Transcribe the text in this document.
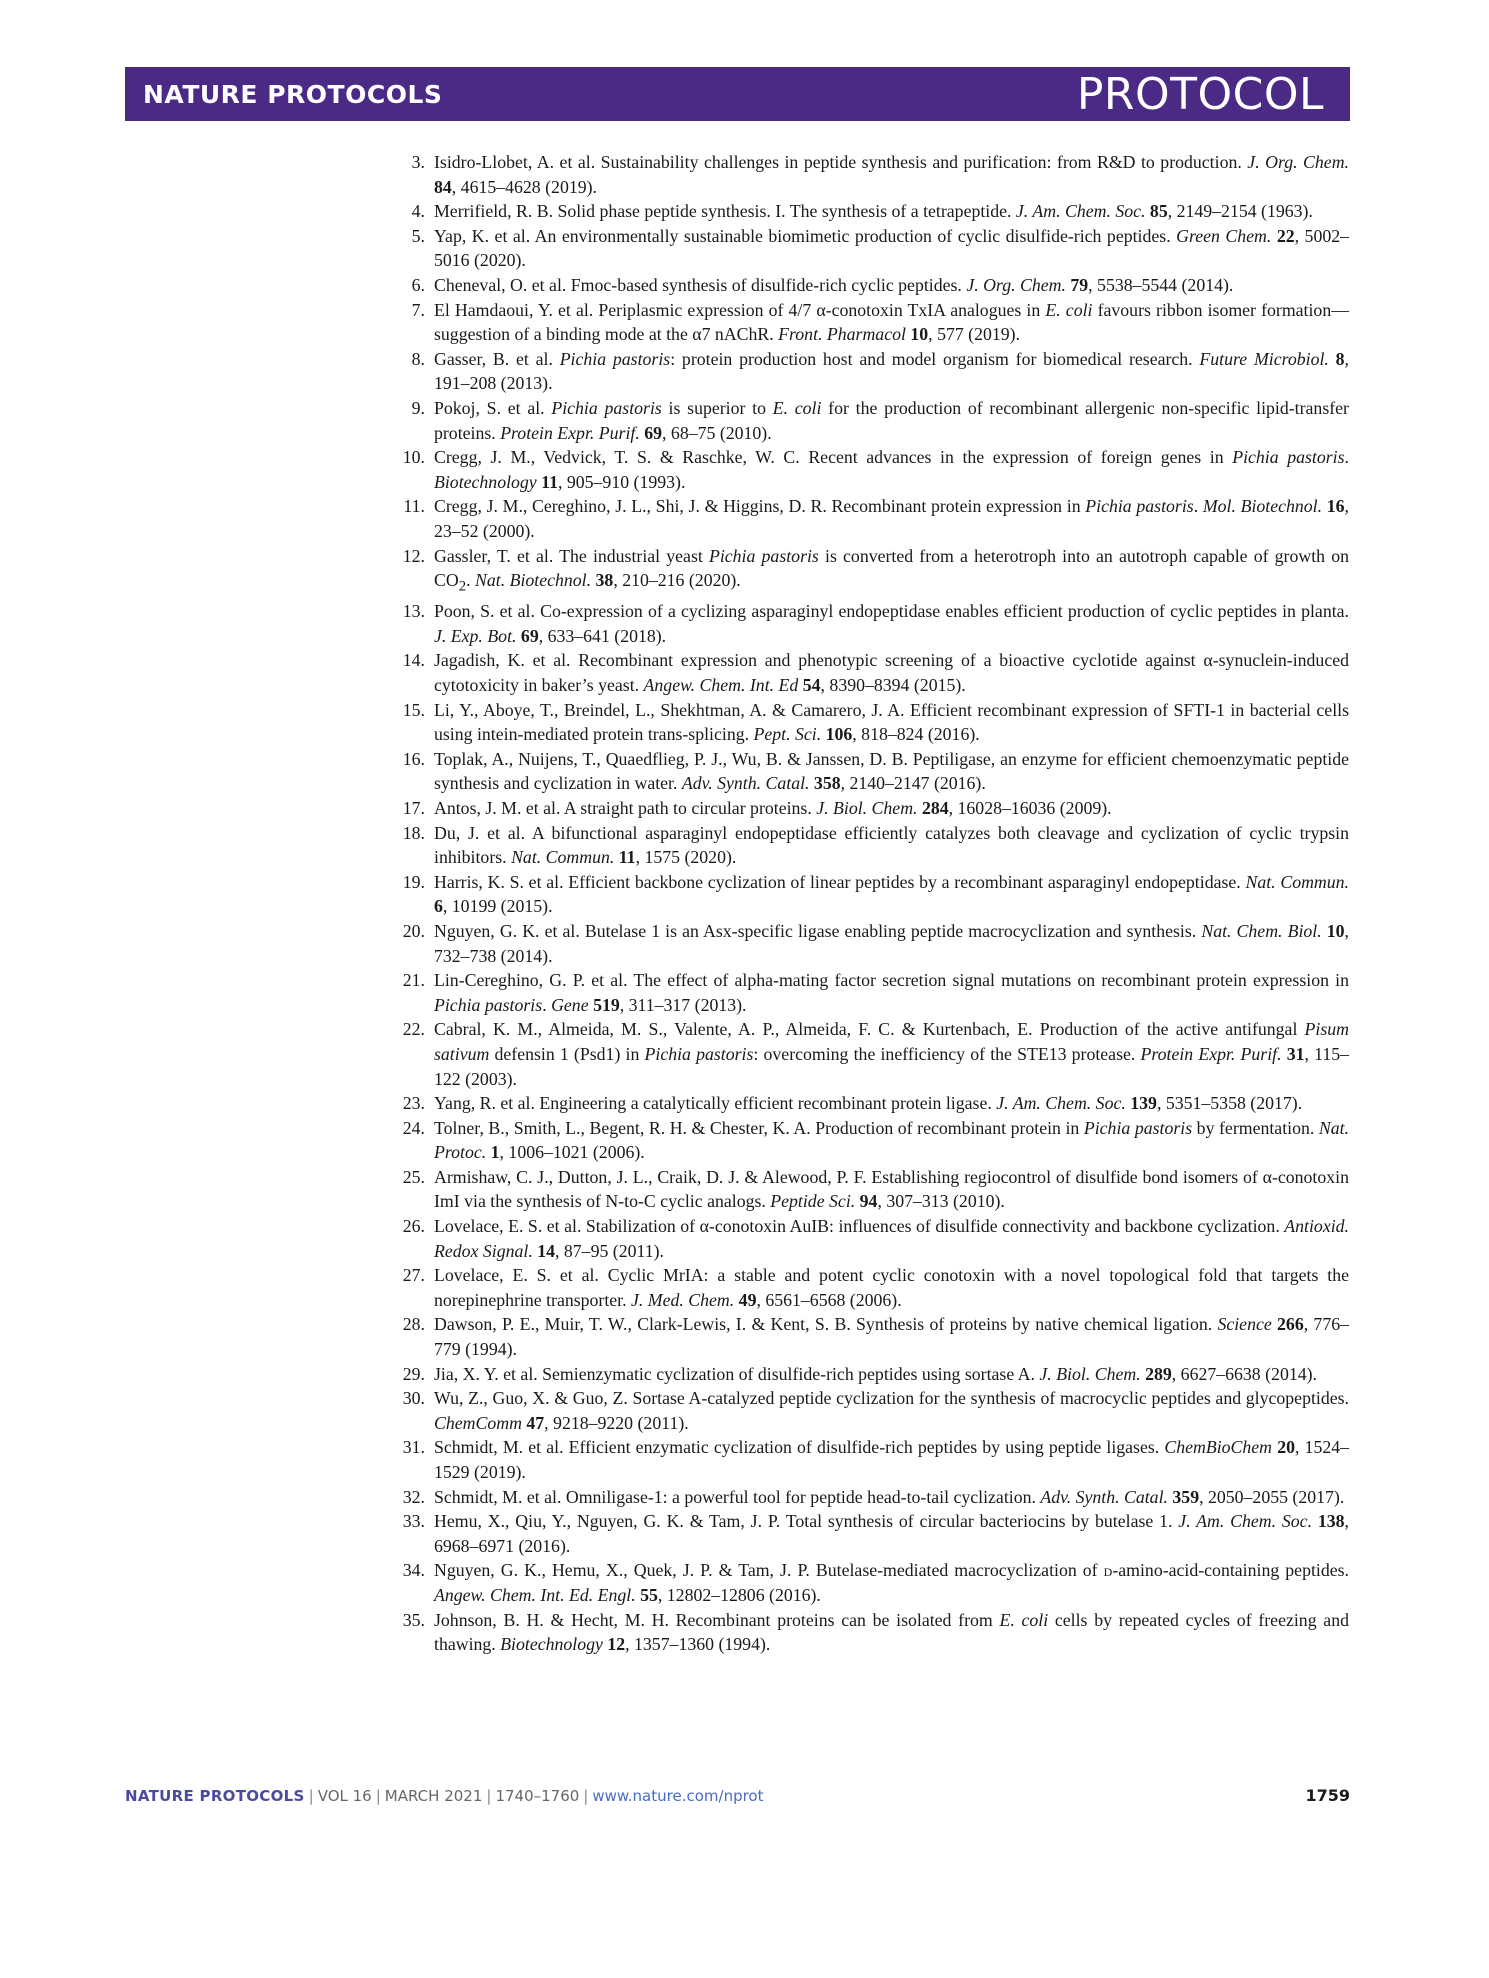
NATURE PROTOCOLS	PROTOCOL
3. Isidro-Llobet, A. et al. Sustainability challenges in peptide synthesis and purification: from R&D to production. J. Org. Chem. 84, 4615–4628 (2019).
4. Merrifield, R. B. Solid phase peptide synthesis. I. The synthesis of a tetrapeptide. J. Am. Chem. Soc. 85, 2149–2154 (1963).
5. Yap, K. et al. An environmentally sustainable biomimetic production of cyclic disulfide-rich peptides. Green Chem. 22, 5002–5016 (2020).
6. Cheneval, O. et al. Fmoc-based synthesis of disulfide-rich cyclic peptides. J. Org. Chem. 79, 5538–5544 (2014).
7. El Hamdaoui, Y. et al. Periplasmic expression of 4/7 α-conotoxin TxIA analogues in E. coli favours ribbon isomer formation—suggestion of a binding mode at the α7 nAChR. Front. Pharmacol 10, 577 (2019).
8. Gasser, B. et al. Pichia pastoris: protein production host and model organism for biomedical research. Future Microbiol. 8, 191–208 (2013).
9. Pokoj, S. et al. Pichia pastoris is superior to E. coli for the production of recombinant allergenic non-specific lipid-transfer proteins. Protein Expr. Purif. 69, 68–75 (2010).
10. Cregg, J. M., Vedvick, T. S. & Raschke, W. C. Recent advances in the expression of foreign genes in Pichia pastoris. Biotechnology 11, 905–910 (1993).
11. Cregg, J. M., Cereghino, J. L., Shi, J. & Higgins, D. R. Recombinant protein expression in Pichia pastoris. Mol. Biotechnol. 16, 23–52 (2000).
12. Gassler, T. et al. The industrial yeast Pichia pastoris is converted from a heterotroph into an autotroph capable of growth on $CO_2$. Nat. Biotechnol. 38, 210–216 (2020).
13. Poon, S. et al. Co-expression of a cyclizing asparaginyl endopeptidase enables efficient production of cyclic peptides in planta. J. Exp. Bot. 69, 633–641 (2018).
14. Jagadish, K. et al. Recombinant expression and phenotypic screening of a bioactive cyclotide against α-synuclein-induced cytotoxicity in baker’s yeast. Angew. Chem. Int. Ed 54, 8390–8394 (2015).
15. Li, Y., Aboye, T., Breindel, L., Shekhtman, A. & Camarero, J. A. Efficient recombinant expression of SFTI-1 in bacterial cells using intein-mediated protein trans-splicing. Pept. Sci. 106, 818–824 (2016).
16. Toplak, A., Nuijens, T., Quaedflieg, P. J., Wu, B. & Janssen, D. B. Peptiligase, an enzyme for efficient chemoenzymatic peptide synthesis and cyclization in water. Adv. Synth. Catal. 358, 2140–2147 (2016).
17. Antos, J. M. et al. A straight path to circular proteins. J. Biol. Chem. 284, 16028–16036 (2009).
18. Du, J. et al. A bifunctional asparaginyl endopeptidase efficiently catalyzes both cleavage and cyclization of cyclic trypsin inhibitors. Nat. Commun. 11, 1575 (2020).
19. Harris, K. S. et al. Efficient backbone cyclization of linear peptides by a recombinant asparaginyl endopeptidase. Nat. Commun. 6, 10199 (2015).
20. Nguyen, G. K. et al. Butelase 1 is an Asx-specific ligase enabling peptide macrocyclization and synthesis. Nat. Chem. Biol. 10, 732–738 (2014).
21. Lin-Cereghino, G. P. et al. The effect of alpha-mating factor secretion signal mutations on recombinant protein expression in Pichia pastoris. Gene 519, 311–317 (2013).
22. Cabral, K. M., Almeida, M. S., Valente, A. P., Almeida, F. C. & Kurtenbach, E. Production of the active antifungal Pisum sativum defensin 1 (Psd1) in Pichia pastoris: overcoming the inefficiency of the STE13 protease. Protein Expr. Purif. 31, 115–122 (2003).
23. Yang, R. et al. Engineering a catalytically efficient recombinant protein ligase. J. Am. Chem. Soc. 139, 5351–5358 (2017).
24. Tolner, B., Smith, L., Begent, R. H. & Chester, K. A. Production of recombinant protein in Pichia pastoris by fermentation. Nat. Protoc. 1, 1006–1021 (2006).
25. Armishaw, C. J., Dutton, J. L., Craik, D. J. & Alewood, P. F. Establishing regiocontrol of disulfide bond isomers of α-conotoxin ImI via the synthesis of N-to-C cyclic analogs. Peptide Sci. 94, 307–313 (2010).
26. Lovelace, E. S. et al. Stabilization of α-conotoxin AuIB: influences of disulfide connectivity and backbone cyclization. Antioxid. Redox Signal. 14, 87–95 (2011).
27. Lovelace, E. S. et al. Cyclic MrIA: a stable and potent cyclic conotoxin with a novel topological fold that targets the norepinephrine transporter. J. Med. Chem. 49, 6561–6568 (2006).
28. Dawson, P. E., Muir, T. W., Clark-Lewis, I. & Kent, S. B. Synthesis of proteins by native chemical ligation. Science 266, 776–779 (1994).
29. Jia, X. Y. et al. Semienzymatic cyclization of disulfide-rich peptides using sortase A. J. Biol. Chem. 289, 6627–6638 (2014).
30. Wu, Z., Guo, X. & Guo, Z. Sortase A-catalyzed peptide cyclization for the synthesis of macrocyclic peptides and glycopeptides. ChemComm 47, 9218–9220 (2011).
31. Schmidt, M. et al. Efficient enzymatic cyclization of disulfide-rich peptides by using peptide ligases. ChemBioChem 20, 1524–1529 (2019).
32. Schmidt, M. et al. Omniligase-1: a powerful tool for peptide head-to-tail cyclization. Adv. Synth. Catal. 359, 2050–2055 (2017).
33. Hemu, X., Qiu, Y., Nguyen, G. K. & Tam, J. P. Total synthesis of circular bacteriocins by butelase 1. J. Am. Chem. Soc. 138, 6968–6971 (2016).
34. Nguyen, G. K., Hemu, X., Quek, J. P. & Tam, J. P. Butelase-mediated macrocyclization of d-amino-acid-containing peptides. Angew. Chem. Int. Ed. Engl. 55, 12802–12806 (2016).
35. Johnson, B. H. & Hecht, M. H. Recombinant proteins can be isolated from E. coli cells by repeated cycles of freezing and thawing. Biotechnology 12, 1357–1360 (1994).
NATURE PROTOCOLS | VOL 16 | MARCH 2021 | 1740–1760 | www.nature.com/nprot	1759
